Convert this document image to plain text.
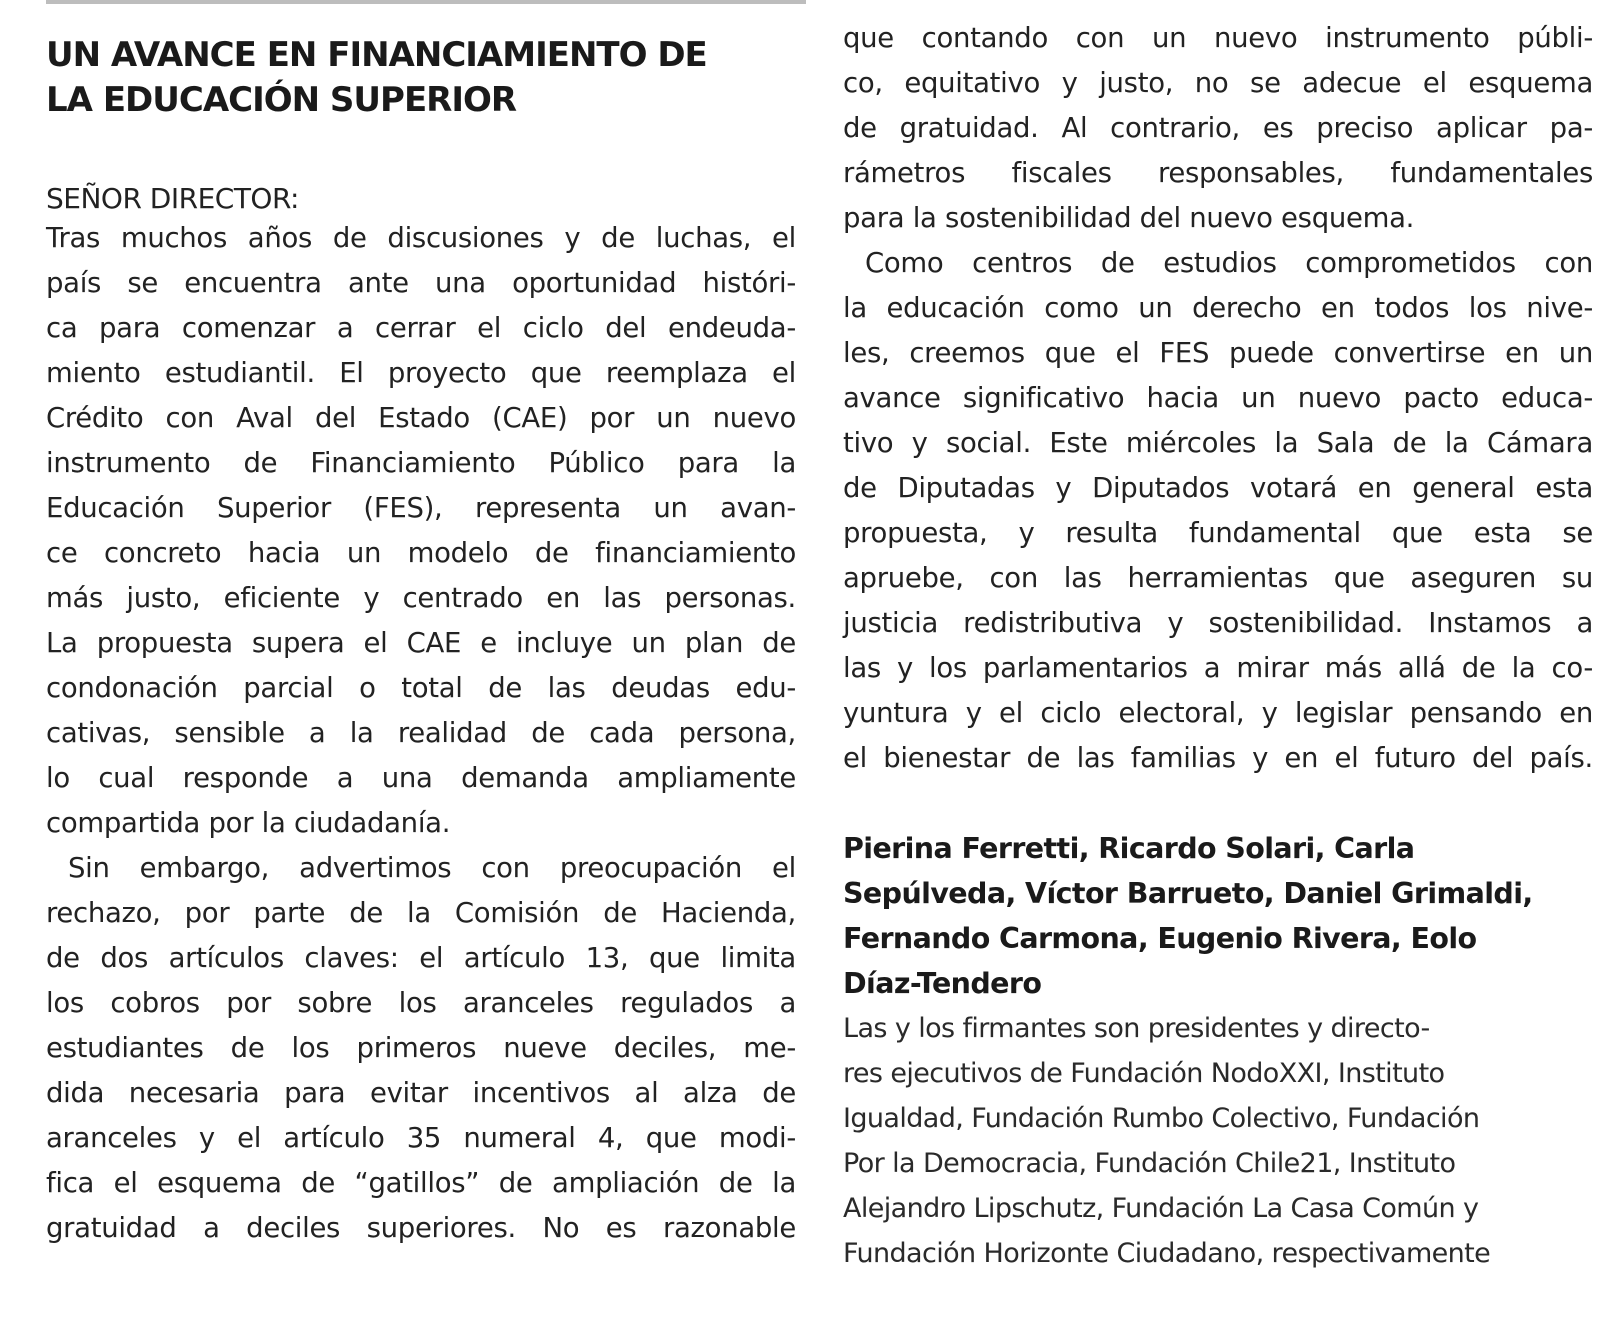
UN AVANCE EN FINANCIAMIENTO DE
LA EDUCACIÓN SUPERIOR

SEÑOR DIRECTOR:

Tras muchos años de discusiones y de luchas, el
país se encuentra ante una oportunidad históri-
ca para comenzar a cerrar el ciclo del endeuda-
miento estudiantil. El proyecto que reemplaza el
Crédito con Aval del Estado (CAE) por un nuevo
instrumento de Financiamiento Público para la
Educación Superior (FES), representa un avan-
ce concreto hacia un modelo de financiamiento
más justo, eficiente y centrado en las personas.
La propuesta supera el CAE e incluye un plan de
condonación parcial o total de las deudas edu-
cativas, sensible a la realidad de cada persona,
lo cual responde a una demanda ampliamente
compartida por la ciudadanía.
Sin embargo, advertimos con preocupación el
rechazo, por parte de la Comisión de Hacienda,
de dos artículos claves: el artículo 13, que limita
los cobros por sobre los aranceles regulados a
estudiantes de los primeros nueve deciles, me-
dida necesaria para evitar incentivos al alza de
aranceles y el artículo 35 numeral 4, que modi-
fica el esquema de “gatillos” de ampliación de la
gratuidad a deciles superiores. No es razonable
que contando con un nuevo instrumento públi-
co, equitativo y justo, no se adecue el esquema
de gratuidad. Al contrario, es preciso aplicar pa-
rámetros fiscales responsables, fundamentales
para la sostenibilidad del nuevo esquema.
Como centros de estudios comprometidos con
la educación como un derecho en todos los nive-
les, creemos que el FES puede convertirse en un
avance significativo hacia un nuevo pacto educa-
tivo y social. Este miércoles la Sala de la Cámara
de Diputadas y Diputados votará en general esta
propuesta, y resulta fundamental que esta se
apruebe, con las herramientas que aseguren su
justicia redistributiva y sostenibilidad. Instamos a
las y los parlamentarios a mirar más allá de la co-
yuntura y el ciclo electoral, y legislar pensando en
el bienestar de las familias y en el futuro del país.
Pierina Ferretti, Ricardo Solari, Carla
Sepúlveda, Víctor Barrueto, Daniel Grimaldi,
Fernando Carmona, Eugenio Rivera, Eolo
Díaz-Tendero
Las y los firmantes son presidentes y directo-
res ejecutivos de Fundación NodoXXI, Instituto
Igualdad, Fundación Rumbo Colectivo, Fundación
Por la Democracia, Fundación Chile21, Instituto
Alejandro Lipschutz, Fundación La Casa Común y
Fundación Horizonte Ciudadano, respectivamente
